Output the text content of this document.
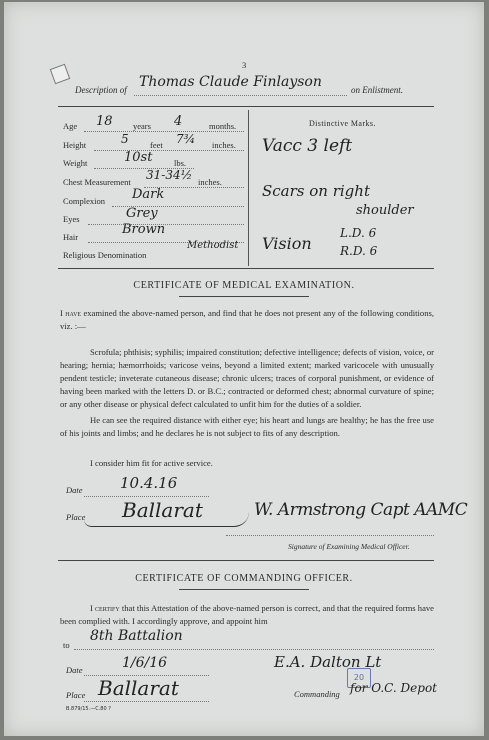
3
Description of Thomas Claude Finlayson	on Enlistment.
Age 18 years 4	months.
Height	5	feet 7¾ inches.
Weight	10st	lbs.
Chest Measurement 31-34½ inches.
Complexion Dark
Eyes	Grey
Hair	Brown
Religious Denomination
Methodist
Distinctive Marks.
Vacc 3 left
Scars on right
shoulder
Vision
L.D. 6
R.D. 6
CERTIFICATE OF MEDICAL EXAMINATION.
I have examined the above-named person, and find that he does not present any of the following conditions, viz. :—
Scrofula; phthisis; syphilis; impaired constitution; defective intelligence; defects of vision, voice, or hearing; hernia; hæmorrhoids; varicose veins, beyond a limited extent; marked varicocele with unusually pendent testicle; inveterate cutaneous disease; chronic ulcers; traces of corporal punishment, or evidence of having been marked with the letters D. or B.C.; contracted or deformed chest; abnormal curvature of spine; or any other disease or physical defect calculated to unfit him for the duties of a soldier.
He can see the required distance with either eye; his heart and lungs are healthy; he has the free use of his joints and limbs; and he declares he is not subject to fits of any description.
I consider him fit for active service.
Date 10.4.16
Place Ballarat	W. Armstrong Capt AAMC
Signature of Examining Medical Officer.
CERTIFICATE OF COMMANDING OFFICER.
I certify that this Attestation of the above-named person is correct, and that the required forms have been complied with. I accordingly approve, and appoint him
to
8th Battalion
Date	1/6/16
Place Ballarat
E.A. Dalton Lt
20
Commanding for O.C. Depot
B.879/15.—C.80 ?
